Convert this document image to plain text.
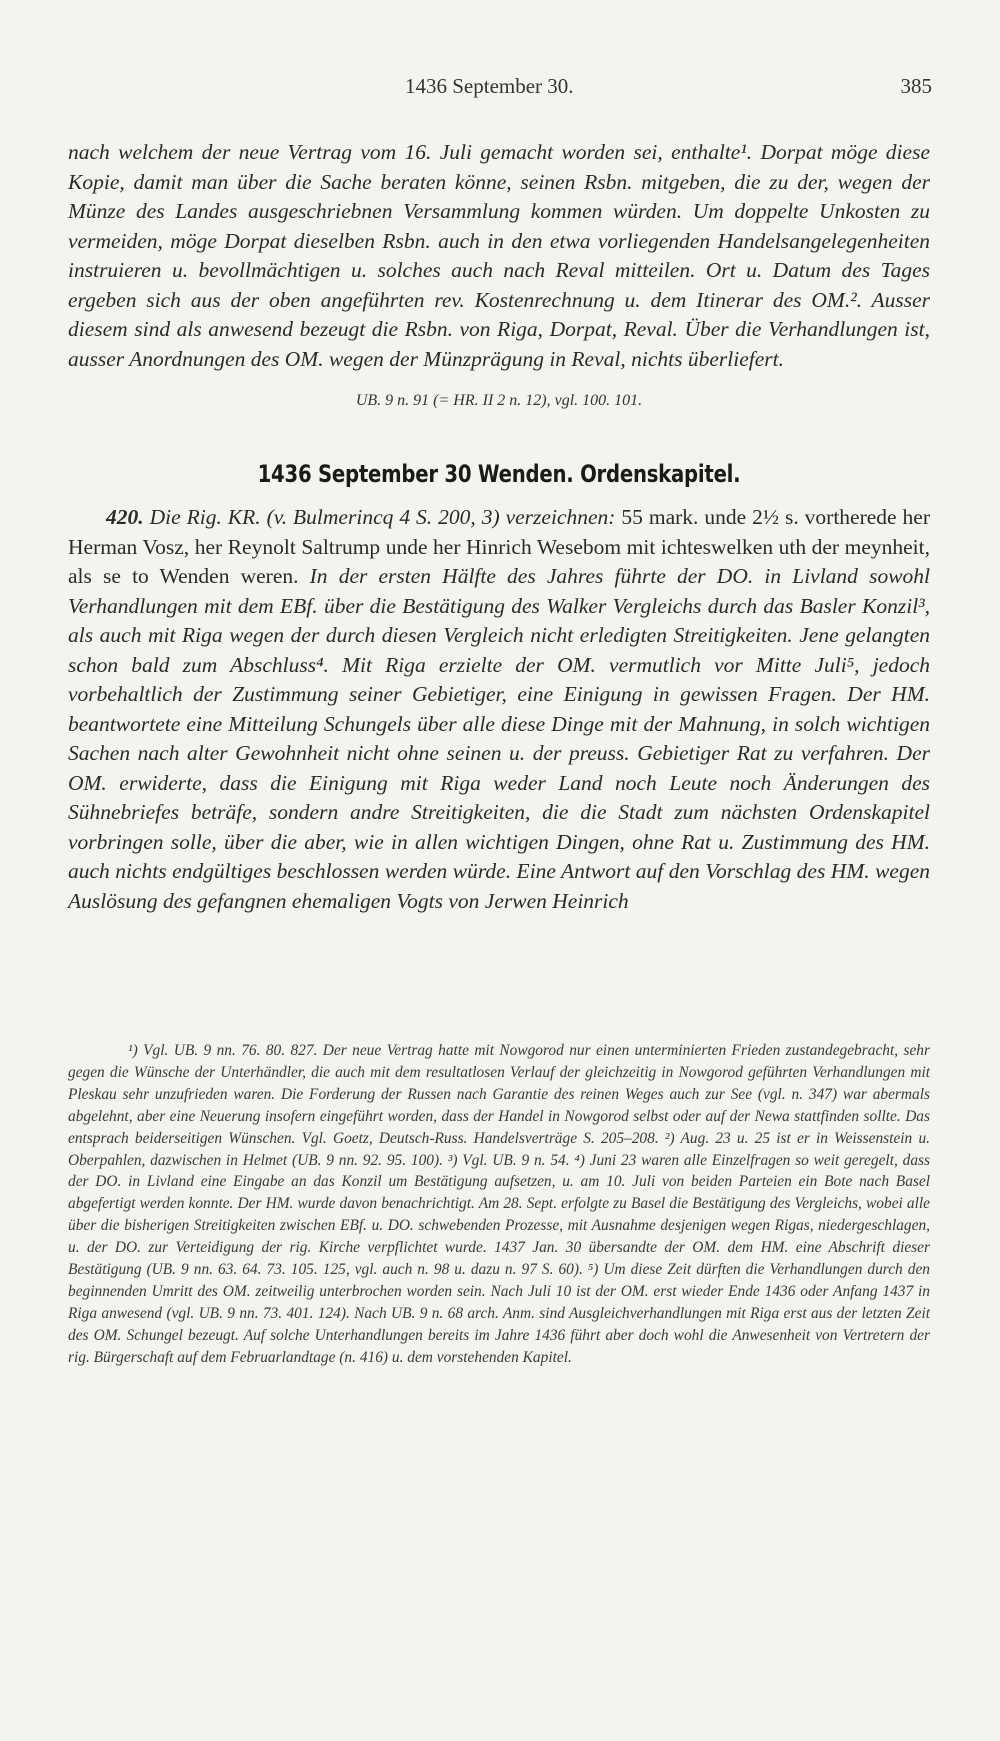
1436 September 30.	385

nach welchem der neue Vertrag vom 16. Juli gemacht worden sei, enthalte¹. Dorpat möge diese Kopie, damit man über die Sache beraten könne, seinen Rsbn. mitgeben, die zu der, wegen der Münze des Landes ausgeschriebnen Versammlung kommen würden. Um doppelte Unkosten zu vermeiden, möge Dorpat dieselben Rsbn. auch in den etwa vorliegenden Handelsangelegenheiten instruieren u. bevollmächtigen u. solches auch nach Reval mitteilen. Ort u. Datum des Tages ergeben sich aus der oben angeführten rev. Kostenrechnung u. dem Itinerar des OM.². Ausser diesem sind als anwesend bezeugt die Rsbn. von Riga, Dorpat, Reval. Über die Verhandlungen ist, ausser Anordnungen des OM. wegen der Münzprägung in Reval, nichts überliefert.

UB. 9 n. 91 (= HR. II 2 n. 12), vgl. 100. 101.

1436 September 30 Wenden. Ordenskapitel.

420. Die Rig. KR. (v. Bulmerincq 4 S. 200, 3) verzeichnen: 55 mark. unde 2½ s. vortherede her Herman Vosz, her Reynolt Saltrump unde her Hinrich Wesebom mit ichteswelken uth der meynheit, als se to Wenden weren. In der ersten Hälfte des Jahres führte der DO. in Livland sowohl Verhandlungen mit dem EBf. über die Bestätigung des Walker Vergleichs durch das Basler Konzil³, als auch mit Riga wegen der durch diesen Vergleich nicht erledigten Streitigkeiten. Jene gelangten schon bald zum Abschluss⁴. Mit Riga erzielte der OM. vermutlich vor Mitte Juli⁵, jedoch vorbehaltlich der Zustimmung seiner Gebietiger, eine Einigung in gewissen Fragen. Der HM. beantwortete eine Mitteilung Schungels über alle diese Dinge mit der Mahnung, in solch wichtigen Sachen nach alter Gewohnheit nicht ohne seinen u. der preuss. Gebietiger Rat zu verfahren. Der OM. erwiderte, dass die Einigung mit Riga weder Land noch Leute noch Änderungen des Sühnebriefes beträfe, sondern andre Streitigkeiten, die die Stadt zum nächsten Ordenskapitel vorbringen solle, über die aber, wie in allen wichtigen Dingen, ohne Rat u. Zustimmung des HM. auch nichts endgültiges beschlossen werden würde. Eine Antwort auf den Vorschlag des HM. wegen Auslösung des gefangnen ehemaligen Vogts von Jerwen Heinrich

¹) Vgl. UB. 9 nn. 76. 80. 827. Der neue Vertrag hatte mit Nowgorod nur einen unterminierten Frieden zustandegebracht, sehr gegen die Wünsche der Unterhändler, die auch mit dem resultatlosen Verlauf der gleichzeitig in Nowgorod geführten Verhandlungen mit Pleskau sehr unzufrieden waren. Die Forderung der Russen nach Garantie des reinen Weges auch zur See (vgl. n. 347) war abermals abgelehnt, aber eine Neuerung insofern eingeführt worden, dass der Handel in Nowgorod selbst oder auf der Newa stattfinden sollte. Das entsprach beiderseitigen Wünschen. Vgl. Goetz, Deutsch-Russ. Handelsverträge S. 205–208. ²) Aug. 23 u. 25 ist er in Weissenstein u. Oberpahlen, dazwischen in Helmet (UB. 9 nn. 92. 95. 100). ³) Vgl. UB. 9 n. 54. ⁴) Juni 23 waren alle Einzelfragen so weit geregelt, dass der DO. in Livland eine Eingabe an das Konzil um Bestätigung aufsetzen, u. am 10. Juli von beiden Parteien ein Bote nach Basel abgefertigt werden konnte. Der HM. wurde davon benachrichtigt. Am 28. Sept. erfolgte zu Basel die Bestätigung des Vergleichs, wobei alle über die bisherigen Streitigkeiten zwischen EBf. u. DO. schwebenden Prozesse, mit Ausnahme desjenigen wegen Rigas, niedergeschlagen, u. der DO. zur Verteidigung der rig. Kirche verpflichtet wurde. 1437 Jan. 30 übersandte der OM. dem HM. eine Abschrift dieser Bestätigung (UB. 9 nn. 63. 64. 73. 105. 125, vgl. auch n. 98 u. dazu n. 97 S. 60). ⁵) Um diese Zeit dürften die Verhandlungen durch den beginnenden Umritt des OM. zeitweilig unterbrochen worden sein. Nach Juli 10 ist der OM. erst wieder Ende 1436 oder Anfang 1437 in Riga anwesend (vgl. UB. 9 nn. 73. 401. 124). Nach UB. 9 n. 68 arch. Anm. sind Ausgleichverhandlungen mit Riga erst aus der letzten Zeit des OM. Schungel bezeugt. Auf solche Unterhandlungen bereits im Jahre 1436 führt aber doch wohl die Anwesenheit von Vertretern der rig. Bürgerschaft auf dem Februarlandtage (n. 416) u. dem vorstehenden Kapitel.
